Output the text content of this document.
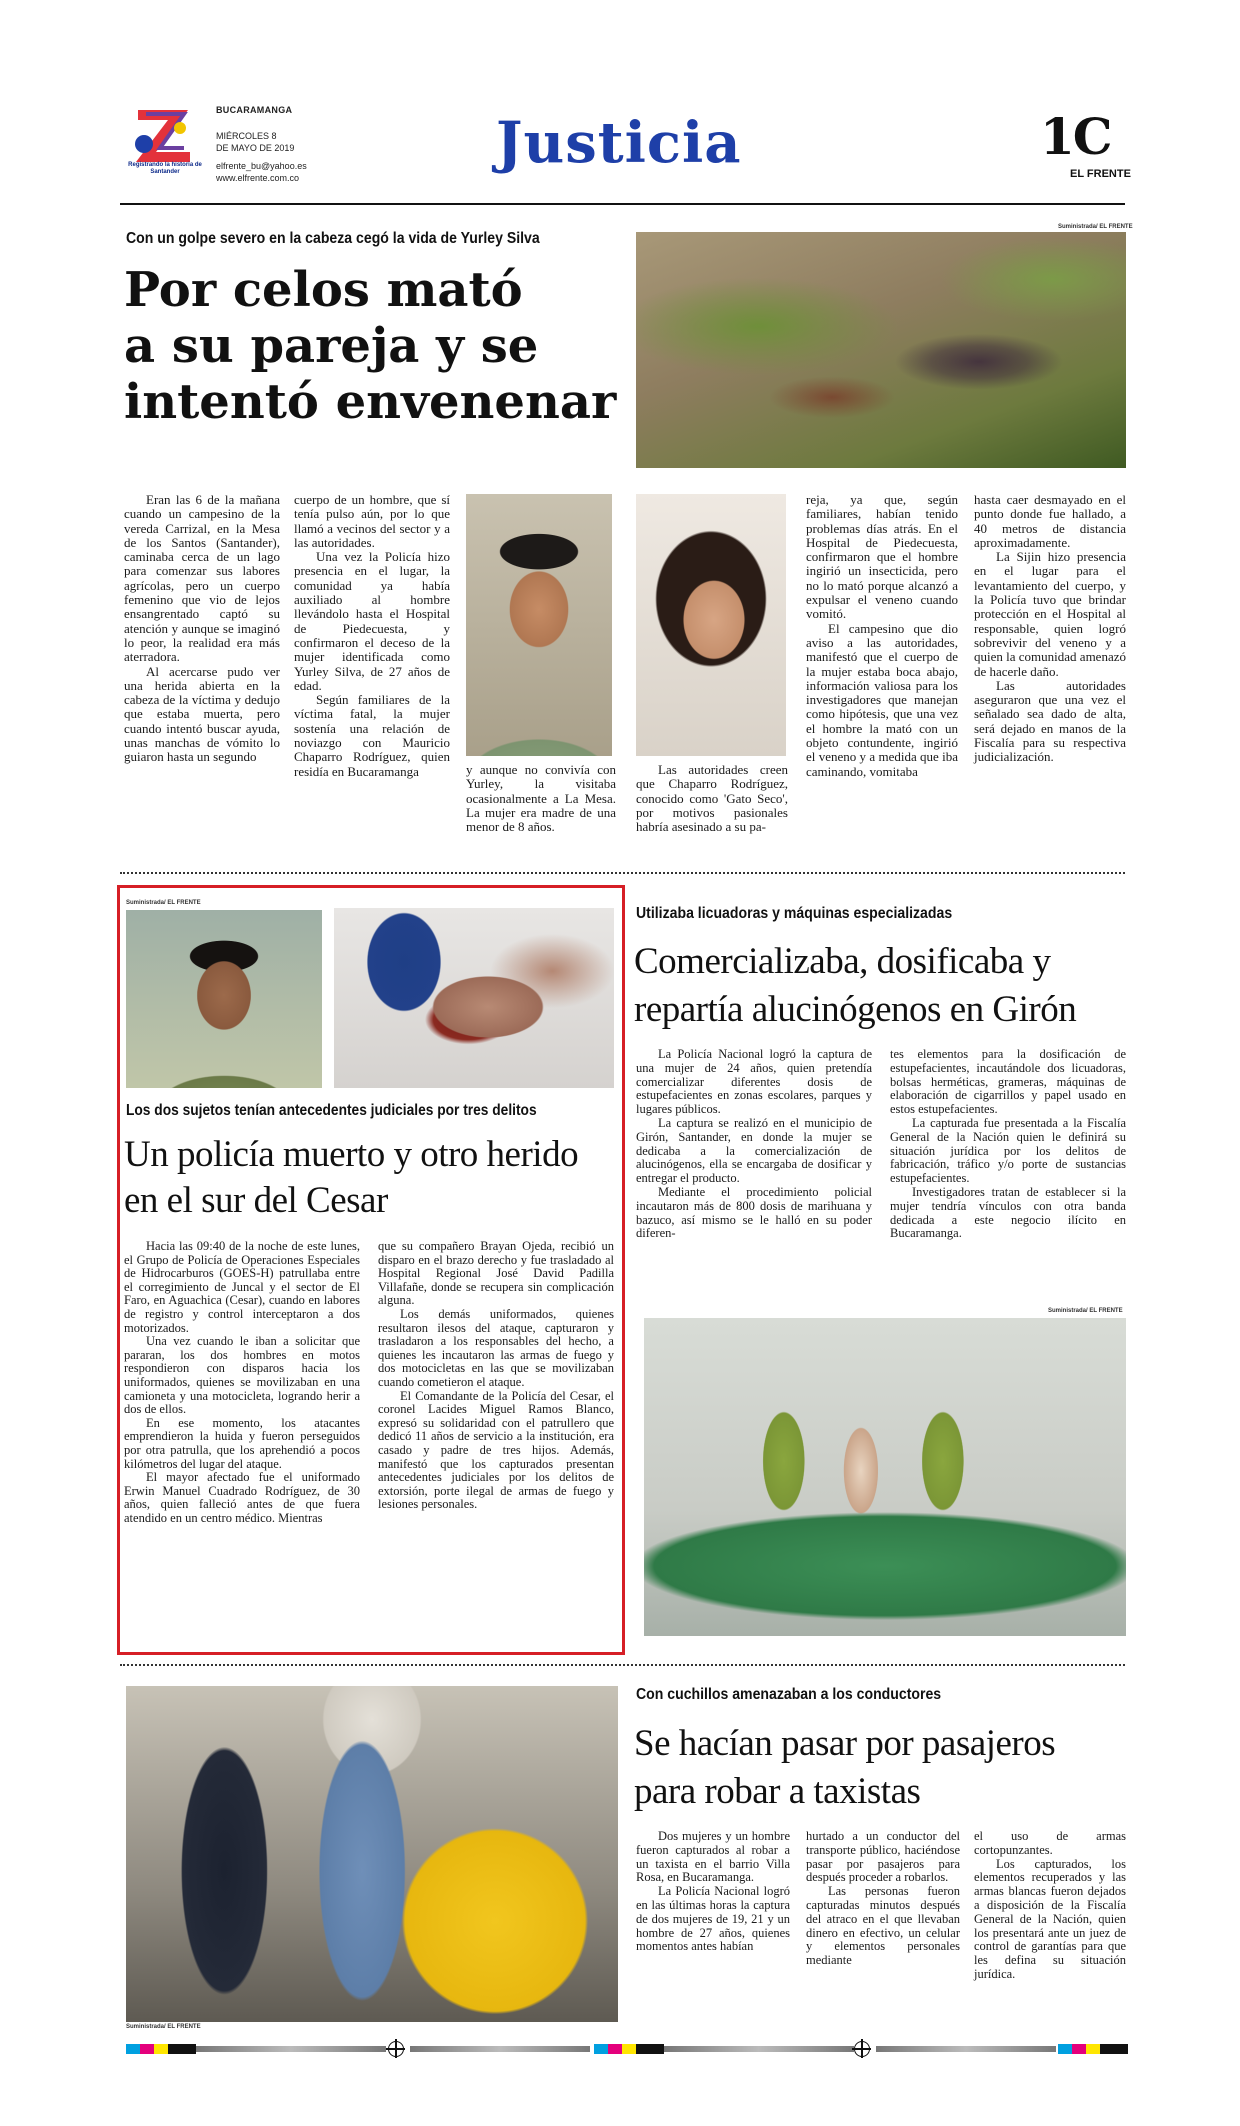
Registrando la historia de Santander
BUCARAMANGA
MIÉRCOLES 8
DE MAYO DE 2019
elfrente_bu@yahoo.es
www.elfrente.com.co
Justicia	1C
EL FRENTE
Con un golpe severo en la cabeza cegó la vida de Yurley Silva
Por celos mató
a su pareja y se
intentó envenenar
Suministrada/ EL FRENTE

Eran las 6 de la mañana cuando un campesino de la vereda Carrizal, en la Mesa de los Santos (Santander), caminaba cerca de un lago para comenzar sus labores agrícolas, pero un cuerpo femenino que vio de lejos ensangrentado captó su atención y aunque se imaginó lo peor, la realidad era más aterradora.

Al acercarse pudo ver una herida abierta en la cabeza de la víctima y dedujo que estaba muerta, pero cuando intentó buscar ayuda, unas manchas de vómito lo guiaron hasta un segundo

cuerpo de un hombre, que sí tenía pulso aún, por lo que llamó a vecinos del sector y a las autoridades.

Una vez la Policía hizo presencia en el lugar, la comunidad ya había auxiliado al hombre llevándolo hasta el Hospital de Piedecuesta, y confirmaron el deceso de la mujer identificada como Yurley Silva, de 27 años de edad.

Según familiares de la víctima fatal, la mujer sostenía una relación de noviazgo con Mauricio Chaparro Rodríguez, quien residía en Bucaramanga	y aunque no convivía con Yurley, la visitaba ocasionalmente a La Mesa. La mujer era madre de una menor de 8 años.

Las autoridades creen que Chaparro Rodríguez, conocido como 'Gato Seco', por motivos pasionales habría asesinado a su pa-

reja, ya que, según familiares, habían tenido problemas días atrás. En el Hospital de Piedecuesta, confirmaron que el hombre ingirió un insecticida, pero no lo mató porque alcanzó a expulsar el veneno cuando vomitó.

El campesino que dio aviso a las autoridades, manifestó que el cuerpo de la mujer estaba boca abajo, información valiosa para los investigadores que manejan como hipótesis, que una vez el hombre la mató con un objeto contundente, ingirió el veneno y a medida que iba caminando, vomitaba

hasta caer desmayado en el punto donde fue hallado, a 40 metros de distancia aproximadamente.

La Sijin hizo presencia en el lugar para el levantamiento del cuerpo, y la Policía tuvo que brindar protección en el Hospital al responsable, quien logró sobrevivir del veneno y a quien la comunidad amenazó de hacerle daño.

Las autoridades aseguraron que una vez el señalado sea dado de alta, será dejado en manos de la Fiscalía para su respectiva judicialización.

Suministrada/ EL FRENTE
Los dos sujetos tenían antecedentes judiciales por tres delitos
Un policía muerto y otro herido
en el sur del Cesar

Hacia las 09:40 de la noche de este lunes, el Grupo de Policía de Operaciones Especiales de Hidrocarburos (GOES-H) patrullaba entre el corregimiento de Juncal y el sector de El Faro, en Aguachica (Cesar), cuando en labores de registro y control interceptaron a dos motorizados.

Una vez cuando le iban a solicitar que pararan, los dos hombres en motos respondieron con disparos hacia los uniformados, quienes se movilizaban en una camioneta y una motocicleta, logrando herir a dos de ellos.

En ese momento, los atacantes emprendieron la huida y fueron perseguidos por otra patrulla, que los aprehendió a pocos kilómetros del lugar del ataque.

El mayor afectado fue el uniformado Erwin Manuel Cuadrado Rodríguez, de 30 años, quien falleció antes de que fuera atendido en un centro médico. Mientras

que su compañero Brayan Ojeda, recibió un disparo en el brazo derecho y fue trasladado al Hospital Regional José David Padilla Villafañe, donde se recupera sin complicación alguna.

Los demás uniformados, quienes resultaron ilesos del ataque, capturaron y trasladaron a los responsables del hecho, a quienes les incautaron las armas de fuego y dos motocicletas en las que se movilizaban cuando cometieron el ataque.

El Comandante de la Policía del Cesar, el coronel Lacides Miguel Ramos Blanco, expresó su solidaridad con el patrullero que dedicó 11 años de servicio a la institución, era casado y padre de tres hijos. Además, manifestó que los capturados presentan antecedentes judiciales por los delitos de extorsión, porte ilegal de armas de fuego y lesiones personales.

Utilizaba licuadoras y máquinas especializadas
Comercializaba, dosificaba y
repartía alucinógenos en Girón

La Policía Nacional logró la captura de una mujer de 24 años, quien pretendía comercializar diferentes dosis de estupefacientes en zonas escolares, parques y lugares públicos.

La captura se realizó en el municipio de Girón, Santander, en donde la mujer se dedicaba a la comercialización de alucinógenos, ella se encargaba de dosificar y entregar el producto.

Mediante el procedimiento policial incautaron más de 800 dosis de marihuana y bazuco, así mismo se le halló en su poder diferen-

tes elementos para la dosificación de estupefacientes, incautándole dos licuadoras, bolsas herméticas, grameras, máquinas de elaboración de cigarrillos y papel usado en estos estupefacientes.

La capturada fue presentada a la Fiscalía General de la Nación quien le definirá su situación jurídica por los delitos de fabricación, tráfico y/o porte de sustancias estupefacientes.

Investigadores tratan de establecer si la mujer tendría vínculos con otra banda dedicada a este negocio ilícito en Bucaramanga.

Suministrada/ EL FRENTE
Suministrada/ EL FRENTE
Con cuchillos amenazaban a los conductores
Se hacían pasar por pasajeros
para robar a taxistas

Dos mujeres y un hombre fueron capturados al robar a un taxista en el barrio Villa Rosa, en Bucaramanga.

La Policía Nacional logró en las últimas horas la captura de dos mujeres de 19, 21 y un hombre de 27 años, quienes momentos antes habían

hurtado a un conductor del transporte público, haciéndose pasar por pasajeros para después proceder a robarlos.

Las personas fueron capturadas minutos después del atraco en el que llevaban dinero en efectivo, un celular y elementos personales mediante

el uso de armas cortopunzantes.

Los capturados, los elementos recuperados y las armas blancas fueron dejados a disposición de la Fiscalía General de la Nación, quien los presentará ante un juez de control de garantías para que les defina su situación jurídica.
